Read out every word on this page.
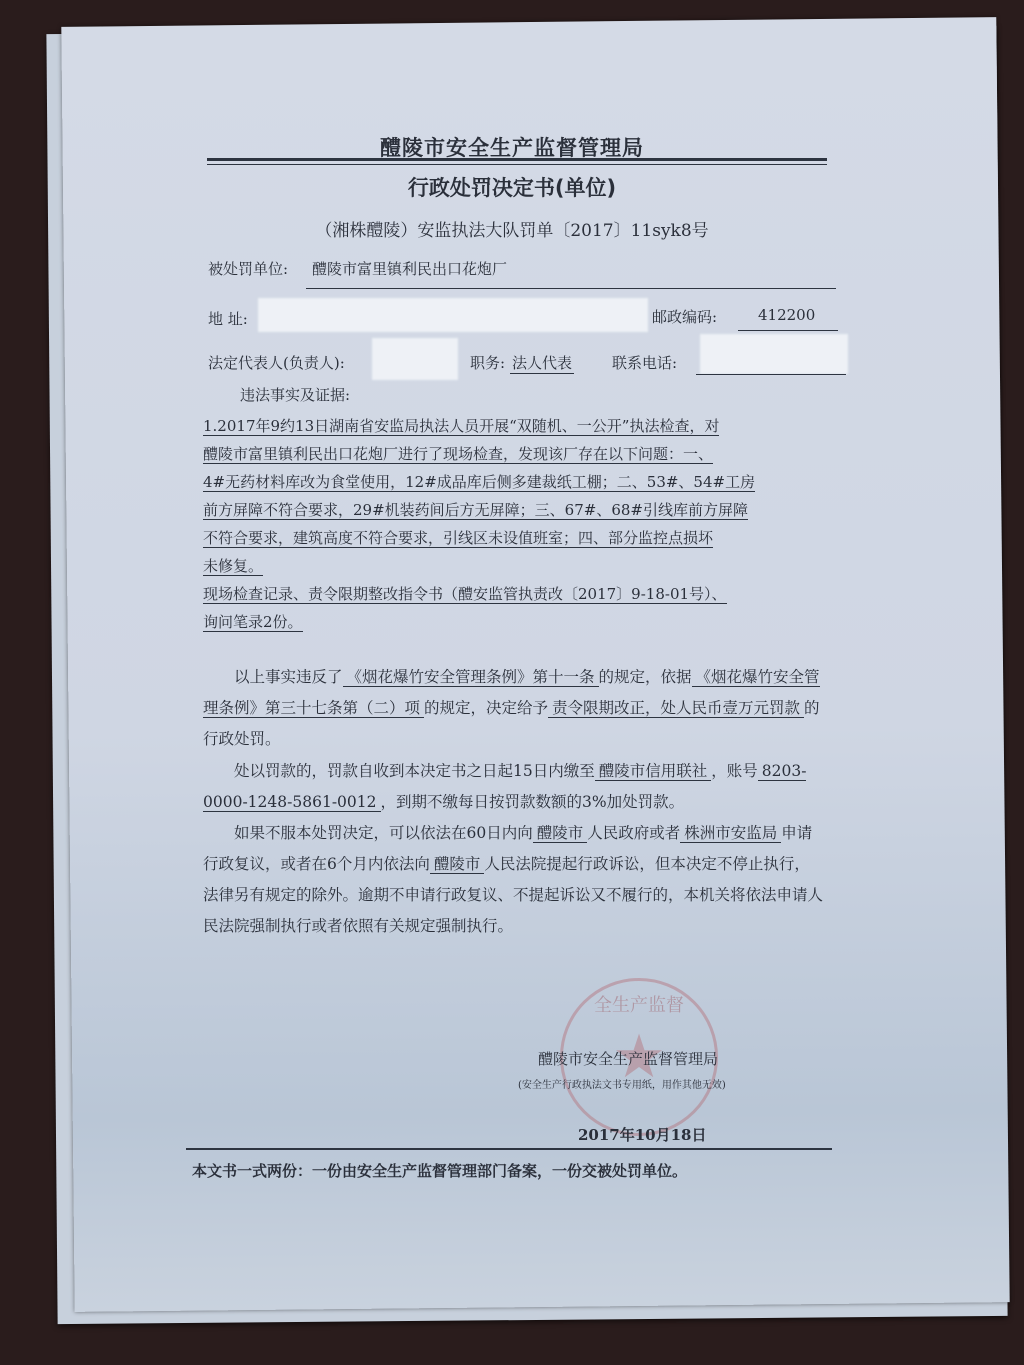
醴陵市安全生产监督管理局
行政处罚决定书(单位)
（湘株醴陵）安监执法大队罚单〔2017〕11syk8号
被处罚单位: 醴陵市富里镇利民出口花炮厂
地 址:	邮政编码:	412200
法定代表人(负责人):	职务: 法人代表	联系电话:
违法事实及证据:
1.2017年9约13日湖南省安监局执法人员开展“双随机、一公开”执法检查，对
醴陵市富里镇利民出口花炮厂进行了现场检查，发现该厂存在以下问题：一、
4#无药材料库改为食堂使用，12#成品库后侧多建裁纸工棚；二、53#、54#工房
前方屏障不符合要求，29#机装药间后方无屏障；三、67#、68#引线库前方屏障
不符合要求，建筑高度不符合要求，引线区未设值班室；四、部分监控点损坏
未修复。
现场检查记录、责令限期整改指令书（醴安监管执责改〔2017〕9-18-01号）、
询问笔录2份。
以上事实违反了 《烟花爆竹安全管理条例》第十一条 的规定，依据 《烟花爆竹安全管理条例》第三十七条第（二）项 的规定，决定给予 责令限期改正，处人民币壹万元罚款 的行政处罚。
处以罚款的，罚款自收到本决定书之日起15日内缴至 醴陵市信用联社 ，账号 8203-0000-1248-5861-0012 ，到期不缴每日按罚款数额的3%加处罚款。
如果不服本处罚决定，可以依法在60日内向 醴陵市 人民政府或者 株洲市安监局 申请行政复议，或者在6个月内依法向 醴陵市 人民法院提起行政诉讼，但本决定不停止执行，法律另有规定的除外。逾期不申请行政复议、不提起诉讼又不履行的，本机关将依法申请人民法院强制执行或者依照有关规定强制执行。
全生产监督
★
醴陵市安全生产监督管理局
(安全生产行政执法文书专用纸，用作其他无效)
2017年10月18日
本文书一式两份：一份由安全生产监督管理部门备案，一份交被处罚单位。
